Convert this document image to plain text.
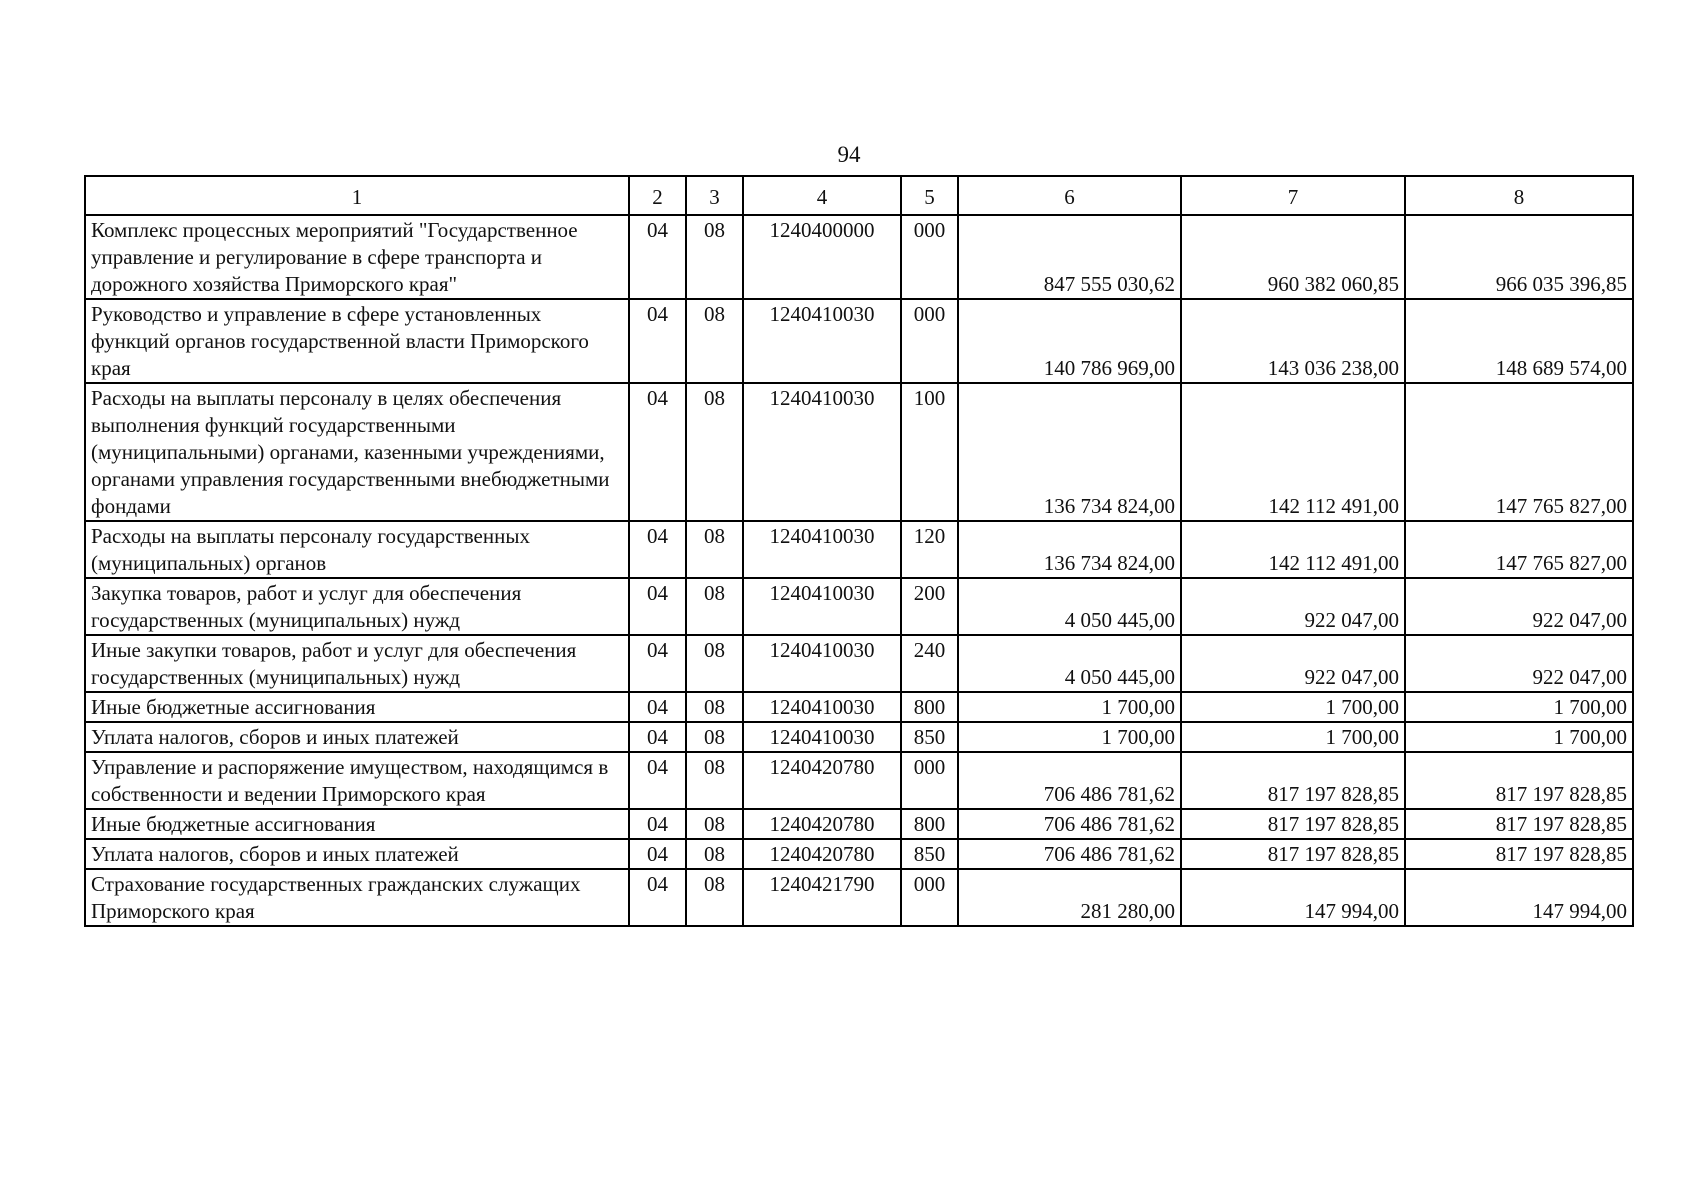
94
1	2	3	4	5	6	7	8
Комплекс процессных мероприятий "Государственное управление и регулирование в сфере транспорта и дорожного хозяйства Приморского края"	04	08	1240400000	000	847 555 030,62	960 382 060,85	966 035 396,85
Руководство и управление в сфере установленных функций органов государственной власти Приморского края	04	08	1240410030	000	140 786 969,00	143 036 238,00	148 689 574,00
Расходы на выплаты персоналу в целях обеспечения выполнения функций государственными (муниципальными) органами, казенными учреждениями, органами управления государственными внебюджетными фондами	04	08	1240410030	100	136 734 824,00	142 112 491,00	147 765 827,00
Расходы на выплаты персоналу государственных (муниципальных) органов	04	08	1240410030	120	136 734 824,00	142 112 491,00	147 765 827,00
Закупка товаров, работ и услуг для обеспечения государственных (муниципальных) нужд	04	08	1240410030	200	4 050 445,00	922 047,00	922 047,00
Иные закупки товаров, работ и услуг для обеспечения государственных (муниципальных) нужд	04	08	1240410030	240	4 050 445,00	922 047,00	922 047,00
Иные бюджетные ассигнования	04	08	1240410030	800	1 700,00	1 700,00	1 700,00
Уплата налогов, сборов и иных платежей	04	08	1240410030	850	1 700,00	1 700,00	1 700,00
Управление и распоряжение имуществом, находящимся в собственности и ведении Приморского края	04	08	1240420780	000	706 486 781,62	817 197 828,85	817 197 828,85
Иные бюджетные ассигнования	04	08	1240420780	800	706 486 781,62	817 197 828,85	817 197 828,85
Уплата налогов, сборов и иных платежей	04	08	1240420780	850	706 486 781,62	817 197 828,85	817 197 828,85
Страхование государственных гражданских служащих Приморского края	04	08	1240421790	000	281 280,00	147 994,00	147 994,00
